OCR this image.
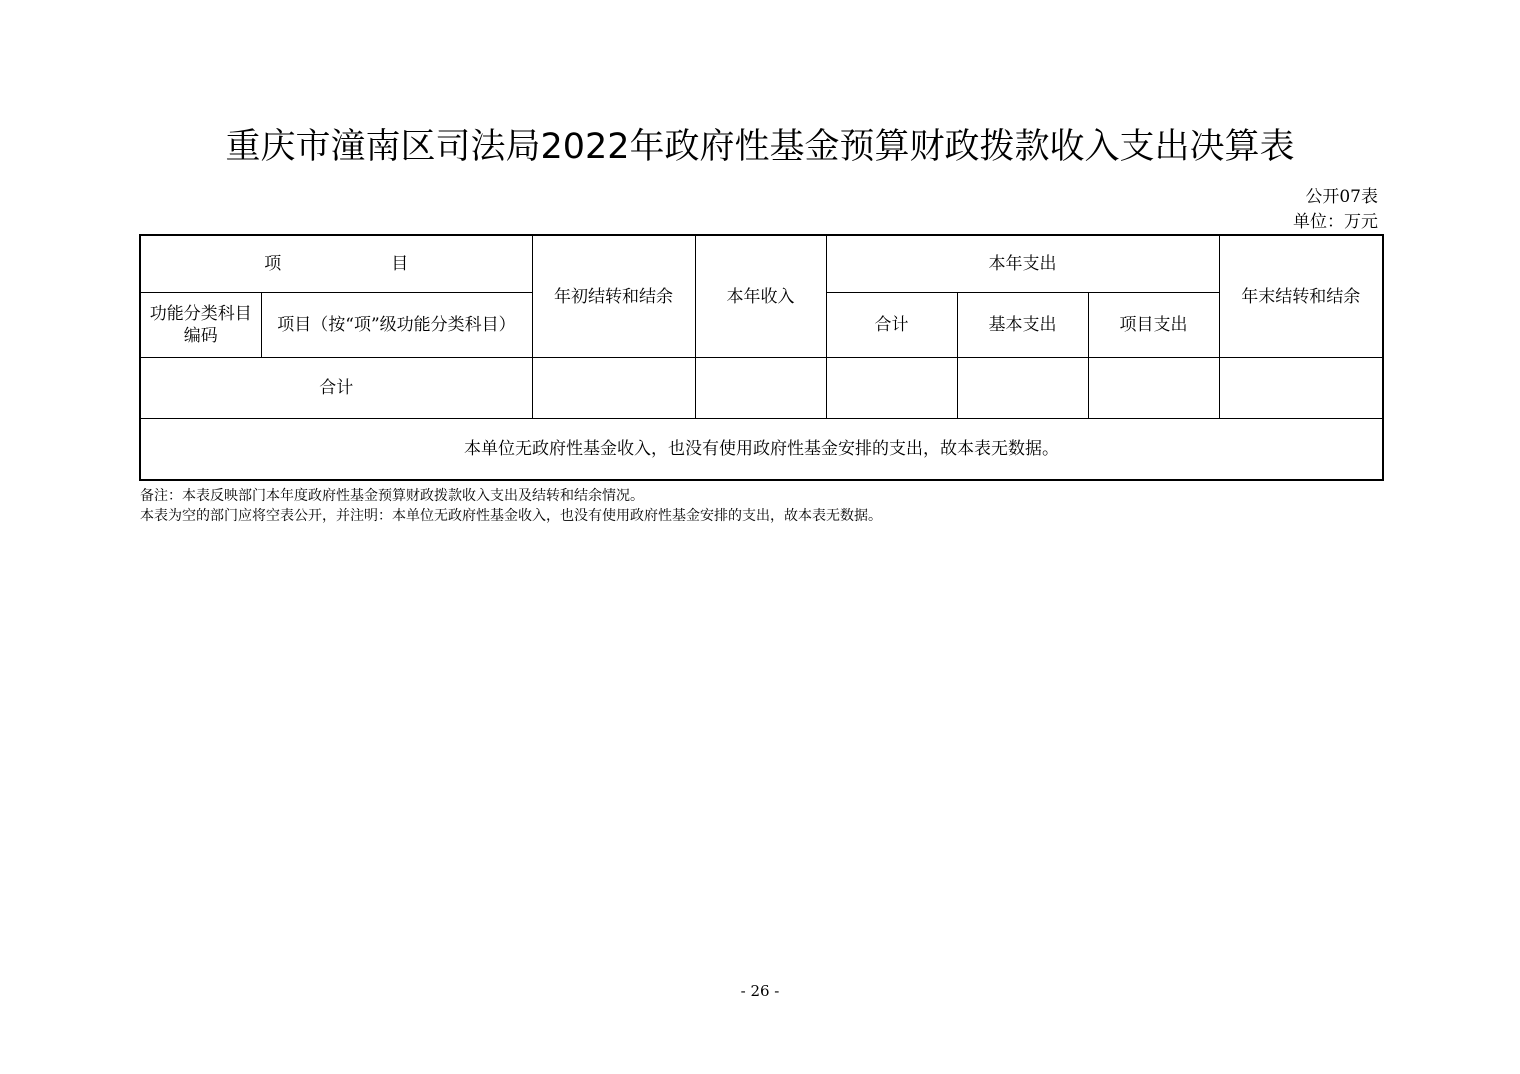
重庆市潼南区司法局2022年政府性基金预算财政拨款收入支出决算表
公开07表
单位：万元
项 目		年初结转和结余	本年收入	本年支出			年末结转和结余
功能分类科目编码	项目（按“项”级功能分类科目）			合计	基本支出	项目支出	
合计							
本单位无政府性基金收入，也没有使用政府性基金安排的支出，故本表无数据。							
备注：本表反映部门本年度政府性基金预算财政拨款收入支出及结转和结余情况。
本表为空的部门应将空表公开，并注明：本单位无政府性基金收入，也没有使用政府性基金安排的支出，故本表无数据。
- 26 -
